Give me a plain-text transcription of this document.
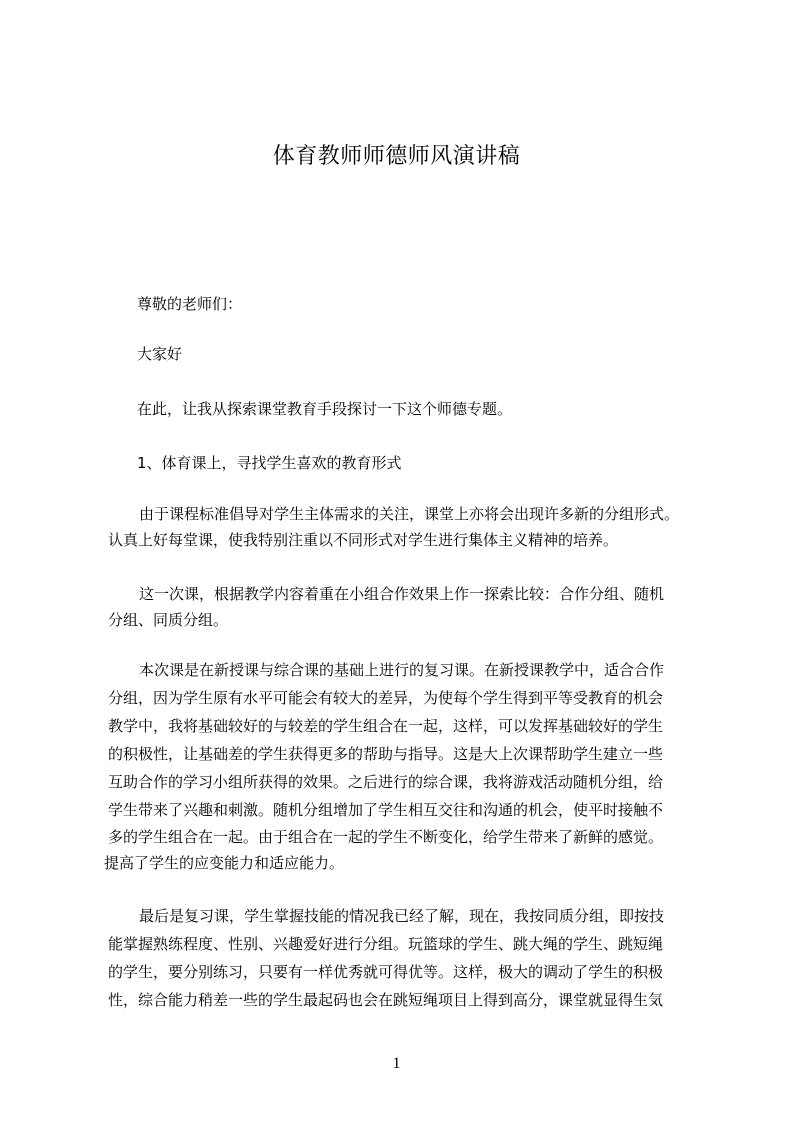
体育教师师德师风演讲稿
尊敬的老师们：
大家好
在此，让我从探索课堂教育手段探讨一下这个师德专题。
1、体育课上，寻找学生喜欢的教育形式
由于课程标准倡导对学生主体需求的关注，课堂上亦将会出现许多新的分组形式。
认真上好每堂课，使我特别注重以不同形式对学生进行集体主义精神的培养。
这一次课，根据教学内容着重在小组合作效果上作一探索比较：合作分组、随机
分组、同质分组。
本次课是在新授课与综合课的基础上进行的复习课。在新授课教学中，适合合作
分组，因为学生原有水平可能会有较大的差异，为使每个学生得到平等受教育的机会
教学中，我将基础较好的与较差的学生组合在一起，这样，可以发挥基础较好的学生
的积极性，让基础差的学生获得更多的帮助与指导。这是大上次课帮助学生建立一些
互助合作的学习小组所获得的效果。之后进行的综合课，我将游戏活动随机分组，给
学生带来了兴趣和刺激。随机分组增加了学生相互交往和沟通的机会，使平时接触不
多的学生组合在一起。由于组合在一起的学生不断变化，给学生带来了新鲜的感觉。
提高了学生的应变能力和适应能力。
最后是复习课，学生掌握技能的情况我已经了解，现在，我按同质分组，即按技
能掌握熟练程度、性别、兴趣爱好进行分组。玩篮球的学生、跳大绳的学生、跳短绳
的学生，要分别练习，只要有一样优秀就可得优等。这样，极大的调动了学生的积极
性，综合能力稍差一些的学生最起码也会在跳短绳项目上得到高分，课堂就显得生気
1
